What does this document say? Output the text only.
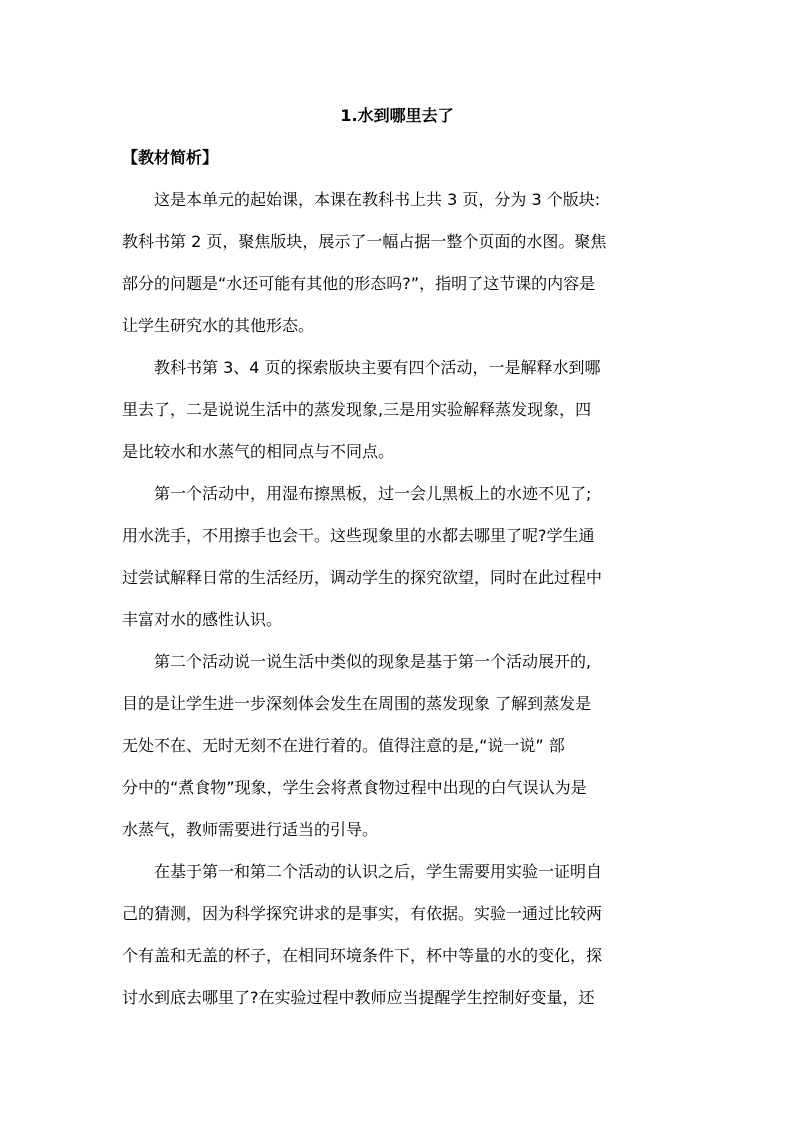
1.水到哪里去了
【教材简析】
这是本单元的起始课，本课在教科书上共 3 页，分为 3 个版块:
教科书第 2 页，聚焦版块，展示了一幅占据一整个页面的水图。聚焦
部分的问题是“水还可能有其他的形态吗?”，指明了这节课的内容是
让学生研究水的其他形态。
教科书第 3、4 页的探索版块主要有四个活动，一是解释水到哪
里去了，二是说说生活中的蒸发现象,三是用实验解释蒸发现象，四
是比较水和水蒸气的相同点与不同点。
第一个活动中，用湿布擦黑板，过一会儿黑板上的水迹不见了;
用水洗手，不用擦手也会干。这些现象里的水都去哪里了呢?学生通
过尝试解释日常的生活经历，调动学生的探究欲望，同时在此过程中
丰富对水的感性认识。
第二个活动说一说生活中类似的现象是基于第一个活动展开的,
目的是让学生进一步深刻体会发生在周围的蒸发现象 了解到蒸发是
无处不在、无时无刻不在进行着的。值得注意的是,“说一说” 部
分中的“煮食物”现象，学生会将煮食物过程中出现的白气误认为是
水蒸气，教师需要进行适当的引导。
在基于第一和第二个活动的认识之后，学生需要用实验一证明自
己的猜测，因为科学探究讲求的是事实，有依据。实验一通过比较两
个有盖和无盖的杯子，在相同环境条件下，杯中等量的水的变化，探
讨水到底去哪里了?在实验过程中教师应当提醒学生控制好变量，还
